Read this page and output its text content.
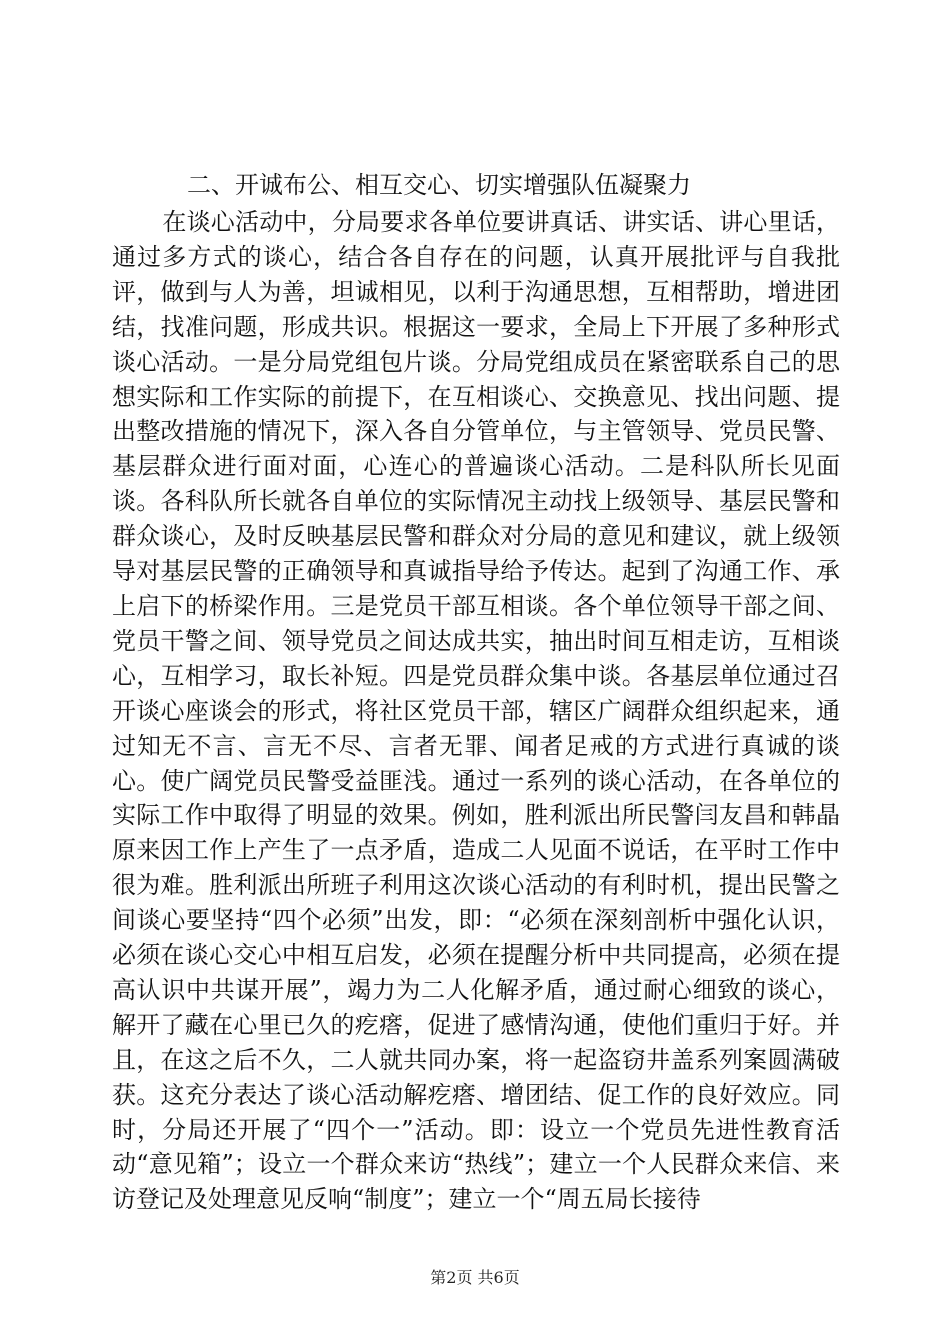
二、开诚布公、相互交心、切实增强队伍凝聚力

在谈心活动中，分局要求各单位要讲真话、讲实话、讲心里话，通过多方式的谈心，结合各自存在的问题，认真开展批评与自我批评，做到与人为善，坦诚相见，以利于沟通思想，互相帮助，增进团结，找准问题，形成共识。根据这一要求，全局上下开展了多种形式谈心活动。一是分局党组包片谈。分局党组成员在紧密联系自己的思想实际和工作实际的前提下，在互相谈心、交换意见、找出问题、提出整改措施的情况下，深入各自分管单位，与主管领导、党员民警、基层群众进行面对面，心连心的普遍谈心活动。二是科队所长见面谈。各科队所长就各自单位的实际情况主动找上级领导、基层民警和群众谈心，及时反映基层民警和群众对分局的意见和建议，就上级领导对基层民警的正确领导和真诚指导给予传达。起到了沟通工作、承上启下的桥梁作用。三是党员干部互相谈。各个单位领导干部之间、党员干警之间、领导党员之间达成共实，抽出时间互相走访，互相谈心，互相学习，取长补短。四是党员群众集中谈。各基层单位通过召开谈心座谈会的形式，将社区党员干部，辖区广阔群众组织起来，通过知无不言、言无不尽、言者无罪、闻者足戒的方式进行真诚的谈心。使广阔党员民警受益匪浅。通过一系列的谈心活动，在各单位的实际工作中取得了明显的效果。例如，胜利派出所民警闫友昌和韩晶原来因工作上产生了一点矛盾，造成二人见面不说话，在平时工作中很为难。胜利派出所班子利用这次谈心活动的有利时机，提出民警之间谈心要坚持“四个必须”出发，即：“必须在深刻剖析中强化认识，必须在谈心交心中相互启发，必须在提醒分析中共同提高，必须在提高认识中共谋开展”，竭力为二人化解矛盾，通过耐心细致的谈心，解开了藏在心里已久的疙瘩，促进了感情沟通，使他们重归于好。并且，在这之后不久，二人就共同办案，将一起盗窃井盖系列案圆满破获。这充分表达了谈心活动解疙瘩、增团结、促工作的良好效应。同时，分局还开展了“四个一”活动。即：设立一个党员先进性教育活动“意见箱”；设立一个群众来访“热线”；建立一个人民群众来信、来访登记及处理意见反响“制度”；建立一个“周五局长接待

第2页 共6页
